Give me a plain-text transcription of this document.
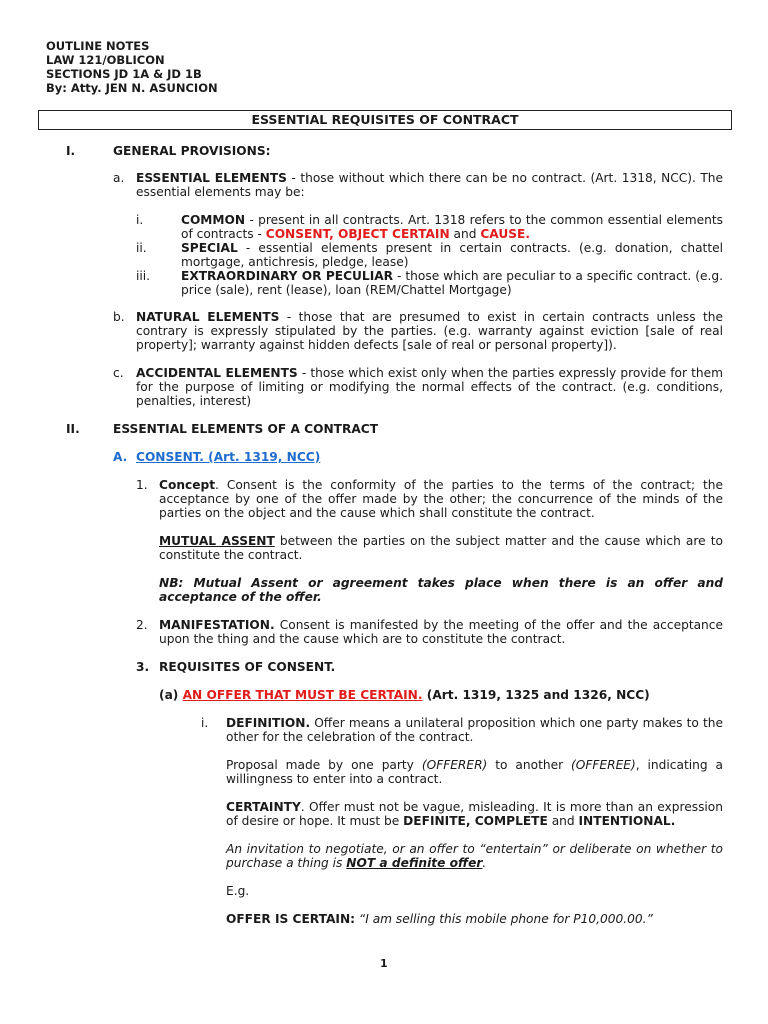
OUTLINE NOTES
LAW 121/OBLICON
SECTIONS JD 1A & JD 1B
By: Atty. JEN N. ASUNCION
ESSENTIAL REQUISITES OF CONTRACT
I.	GENERAL PROVISIONS:
a. ESSENTIAL ELEMENTS - those without which there can be no contract. (Art. 1318, NCC). The essential elements may be:
i.	COMMON - present in all contracts. Art. 1318 refers to the common essential elements of contracts - CONSENT, OBJECT CERTAIN and CAUSE.
ii.	SPECIAL - essential elements present in certain contracts. (e.g. donation, chattel mortgage, antichresis, pledge, lease)
iii.	EXTRAORDINARY OR PECULIAR - those which are peculiar to a specific contract. (e.g. price (sale), rent (lease), loan (REM/Chattel Mortgage)
b. NATURAL ELEMENTS - those that are presumed to exist in certain contracts unless the contrary is expressly stipulated by the parties. (e.g. warranty against eviction [sale of real property]; warranty against hidden defects [sale of real or personal property]).
c. ACCIDENTAL ELEMENTS - those which exist only when the parties expressly provide for them for the purpose of limiting or modifying the normal effects of the contract. (e.g. conditions, penalties, interest)
II.	ESSENTIAL ELEMENTS OF A CONTRACT
A. CONSENT. (Art. 1319, NCC)
1. Concept. Consent is the conformity of the parties to the terms of the contract; the acceptance by one of the offer made by the other; the concurrence of the minds of the parties on the object and the cause which shall constitute the contract.
MUTUAL ASSENT between the parties on the subject matter and the cause which are to constitute the contract.
NB: Mutual Assent or agreement takes place when there is an offer and acceptance of the offer.
2. MANIFESTATION. Consent is manifested by the meeting of the offer and the acceptance upon the thing and the cause which are to constitute the contract.
3. REQUISITES OF CONSENT.
(a) AN OFFER THAT MUST BE CERTAIN. (Art. 1319, 1325 and 1326, NCC)
i. DEFINITION. Offer means a unilateral proposition which one party makes to the other for the celebration of the contract.
Proposal made by one party (OFFERER) to another (OFFEREE), indicating a willingness to enter into a contract.
CERTAINTY. Offer must not be vague, misleading. It is more than an expression of desire or hope. It must be DEFINITE, COMPLETE and INTENTIONAL.
An invitation to negotiate, or an offer to “entertain” or deliberate on whether to purchase a thing is NOT a definite offer.
E.g.
OFFER IS CERTAIN: “I am selling this mobile phone for P10,000.00.”
1
